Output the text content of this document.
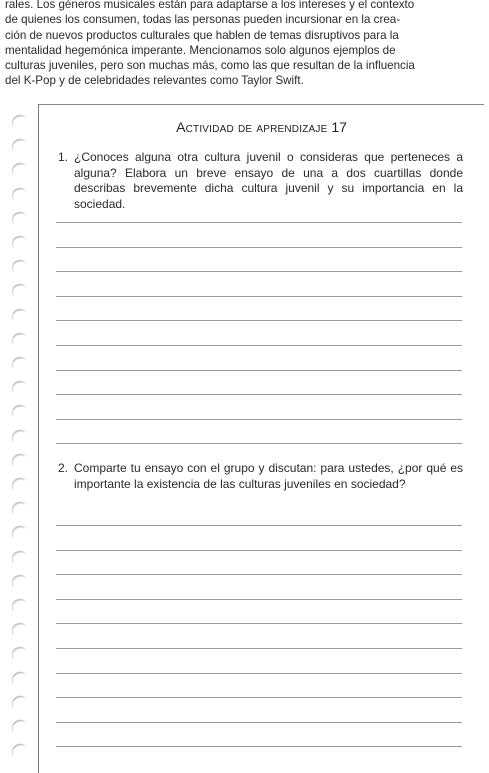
rales. Los géneros musicales están para adaptarse a los intereses y el contexto
de quienes los consumen, todas las personas pueden incursionar en la crea-
ción de nuevos productos culturales que hablen de temas disruptivos para la
mentalidad hegemónica imperante. Mencionamos solo algunos ejemplos de
culturas juveniles, pero son muchas más, como las que resultan de la influencia
del K-Pop y de celebridades relevantes como Taylor Swift.
Actividad de aprendizaje 17
1. ¿Conoces alguna otra cultura juvenil o consideras que perteneces a alguna? Elabora un breve ensayo de una a dos cuartillas donde describas brevemente dicha cultura juvenil y su importancia en la sociedad.
2. Comparte tu ensayo con el grupo y discutan: para ustedes, ¿por qué es importante la existencia de las culturas juveniles en sociedad?
